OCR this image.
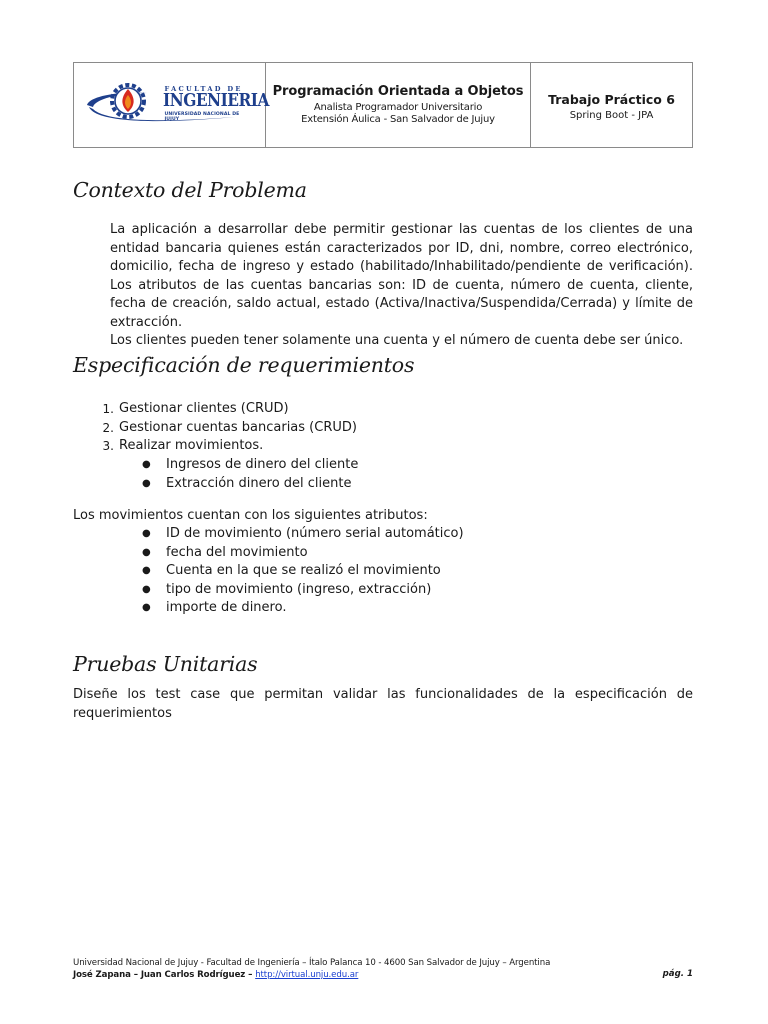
FACULTAD DE
INGENIERIA
UNIVERSIDAD NACIONAL DE JUJUY
Programación Orientada a Objetos
Analista Programador Universitario
Extensión Áulica - San Salvador de Jujuy
Trabajo Práctico 6
Spring Boot - JPA
Contexto del Problema
La aplicación a desarrollar debe permitir gestionar las cuentas de los clientes de una entidad bancaria quienes están caracterizados por ID, dni, nombre, correo electrónico, domicilio, fecha de ingreso y estado (habilitado/Inhabilitado/pendiente de verificación). Los atributos de las cuentas bancarias son: ID de cuenta, número de cuenta, cliente, fecha de creación, saldo actual, estado (Activa/Inactiva/Suspendida/Cerrada) y límite de extracción.
Los clientes pueden tener solamente una cuenta y el número de cuenta debe ser único.
Especificación de requerimientos
1. Gestionar clientes (CRUD)
2. Gestionar cuentas bancarias (CRUD)
3. Realizar movimientos.
● Ingresos de dinero del cliente
● Extracción dinero del cliente
Los movimientos cuentan con los siguientes atributos:
● ID de movimiento (número serial automático)
● fecha del movimiento
● Cuenta en la que se realizó el movimiento
● tipo de movimiento (ingreso, extracción)
● importe de dinero.
Pruebas Unitarias
Diseñe los test case que permitan validar las funcionalidades de la especificación de requerimientos
Universidad Nacional de Jujuy - Facultad de Ingeniería – Ítalo Palanca 10 - 4600 San Salvador de Jujuy – Argentina
José Zapana – Juan Carlos Rodríguez – http://virtual.unju.edu.ar	pág. 1
